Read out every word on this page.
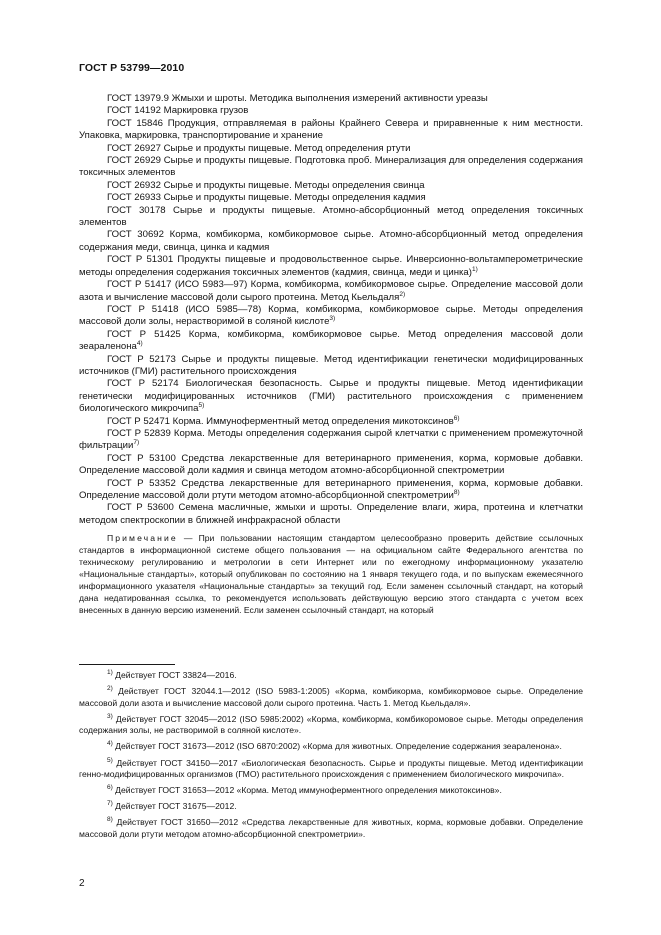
ГОСТ Р 53799—2010

ГОСТ 13979.9 Жмыхи и шроты. Методика выполнения измерений активности уреазы

ГОСТ 14192 Маркировка грузов

ГОСТ 15846 Продукция, отправляемая в районы Крайнего Севера и приравненные к ним местности. Упаковка, маркировка, транспортирование и хранение

ГОСТ 26927 Сырье и продукты пищевые. Метод определения ртути

ГОСТ 26929 Сырье и продукты пищевые. Подготовка проб. Минерализация для определения содержания токсичных элементов

ГОСТ 26932 Сырье и продукты пищевые. Методы определения свинца

ГОСТ 26933 Сырье и продукты пищевые. Методы определения кадмия

ГОСТ 30178 Сырье и продукты пищевые. Атомно-абсорбционный метод определения токсичных элементов

ГОСТ 30692 Корма, комбикорма, комбикормовое сырье. Атомно-абсорбционный метод определения содержания меди, свинца, цинка и кадмия

ГОСТ Р 51301 Продукты пищевые и продовольственное сырье. Инверсионно-вольтамперометрические методы определения содержания токсичных элементов (кадмия, свинца, меди и цинка)$^{1)}$

ГОСТ Р 51417 (ИСО 5983—97) Корма, комбикорма, комбикормовое сырье. Определение массовой доли азота и вычисление массовой доли сырого протеина. Метод Кьельдаля$^{2)}$

ГОСТ Р 51418 (ИСО 5985—78) Корма, комбикорма, комбикормовое сырье. Методы определения массовой доли золы, нерастворимой в соляной кислоте$^{3)}$

ГОСТ Р 51425 Корма, комбикорма, комбикормовое сырье. Метод определения массовой доли зеараленона$^{4)}$

ГОСТ Р 52173 Сырье и продукты пищевые. Метод идентификации генетически модифицированных источников (ГМИ) растительного происхождения

ГОСТ Р 52174 Биологическая безопасность. Сырье и продукты пищевые. Метод идентификации генетически модифицированных источников (ГМИ) растительного происхождения с применением биологического микрочипа$^{5)}$

ГОСТ Р 52471 Корма. Иммуноферментный метод определения микотоксинов$^{6)}$

ГОСТ Р 52839 Корма. Методы определения содержания сырой клетчатки с применением промежуточной фильтрации$^{7)}$

ГОСТ Р 53100 Средства лекарственные для ветеринарного применения, корма, кормовые добавки. Определение массовой доли кадмия и свинца методом атомно-абсорбционной спектрометрии

ГОСТ Р 53352 Средства лекарственные для ветеринарного применения, корма, кормовые добавки. Определение массовой доли ртути методом атомно-абсорбционной спектрометрии$^{8)}$

ГОСТ Р 53600 Семена масличные, жмыхи и шроты. Определение влаги, жира, протеина и клетчатки методом спектроскопии в ближней инфракрасной области

Примечание — При пользовании настоящим стандартом целесообразно проверить действие ссылочных стандартов в информационной системе общего пользования — на официальном сайте Федерального агентства по техническому регулированию и метрологии в сети Интернет или по ежегодному информационному указателю «Национальные стандарты», который опубликован по состоянию на 1 января текущего года, и по выпускам ежемесячного информационного указателя «Национальные стандарты» за текущий год. Если заменен ссылочный стандарт, на который дана недатированная ссылка, то рекомендуется использовать действующую версию этого стандарта с учетом всех внесенных в данную версию изменений. Если заменен ссылочный стандарт, на который

$^{1)}$ Действует ГОСТ 33824—2016.

$^{2)}$ Действует ГОСТ 32044.1—2012 (ISO 5983-1:2005) «Корма, комбикорма, комбикормовое сырье. Определение массовой доли азота и вычисление массовой доли сырого протеина. Часть 1. Метод Кьельдаля».

$^{3)}$ Действует ГОСТ 32045—2012 (ISO 5985:2002) «Корма, комбикорма, комбикоромовое сырье. Методы определения содержания золы, не растворимой в соляной кислоте».

$^{4)}$ Действует ГОСТ 31673—2012 (ISO 6870:2002) «Корма для животных. Определение содержания зеараленона».

$^{5)}$ Действует ГОСТ 34150—2017 «Биологическая безопасность. Сырье и продукты пищевые. Метод идентификации генно-модифицированных организмов (ГМО) растительного происхождения с применением биологического микрочипа».

$^{6)}$ Действует ГОСТ 31653—2012 «Корма. Метод иммуноферментного определения микотоксинов».

$^{7)}$ Действует ГОСТ 31675—2012.

$^{8)}$ Действует ГОСТ 31650—2012 «Средства лекарственные для животных, корма, кормовые добавки. Определение массовой доли ртути методом атомно-абсорбционной спектрометрии».

2
